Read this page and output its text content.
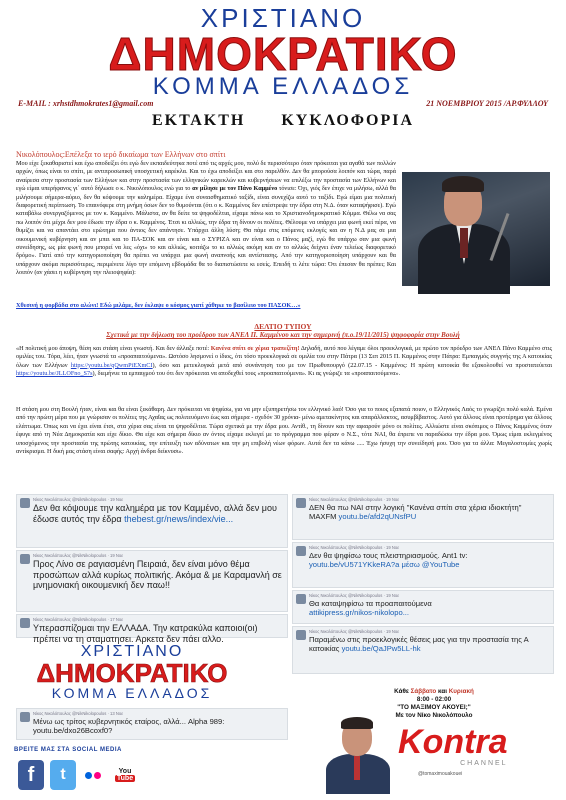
ΧΡΙΣΤΙΑΝΟ
ΔΗΜΟΚΡΑΤΙΚΟ
ΚΟΜΜΑ ΕΛΛΑΔΟΣ
E-MAIL : xrhstdhmokrates1@gmail.com	21 ΝΟΕΜΒΡΙΟΥ 2015 /ΑΡ.ΦΥΛΛΟΥ
ΕΚΤΑΚΤΗ ΚΥΚΛΟΦΟΡΙΑ
Νικολόπουλος:Επέλεξα το ιερό δικαίωμα των Ελλήνων στο σπίτι
Μου είχε ξεκαθαριστεί και έχω αποδείξει ότι εγώ δεν εκπαιδεύτηκα ποτέ από τις αρχές μου, πολύ δε περισσότερο όταν πρόκειται για αγαθά των πολλών αρχών, όπως είναι το σπίτι, με αντιπροσωπική υποσχετική καρέκλα. Και το έχω αποδείξει και στο παρελθόν. Δεν θα μπορούσα λοιπόν και τώρα, παρά αναίρεσα στην προστασία των Ελλήνων και στην προστασία των ελληνικών καρεκλών και κυβερνήσεων να επιλέξω την προστασία των Ελλήνων και εγώ είμαι υπερήφανος γι΄ αυτό δήλωσε ο κ. Νικολόπουλος ενώ για το αν μίλησε με τον Πάνο Καμμένο τόνισε: Όχι, γιός δεν έπιχε να μιλήσω, αλλά θα μιλήσουμε σήμερα-αύριο, δεν θα κόψουμε την καλημέρα. Είχαμε ένα συναισθηματικό ταξίδι, είναι συνεχίζω αυτό το ταξίδι. Εγώ είμαι μια πολιτική διαφορετική περίπτωση. Το επαινόφερε στη μνήμη όσων δεν το θυμούνται (ότι ο κ. Καμμένος δεν επέστρεψε την έδρα στη Ν.Δ. όταν καταψήφισε). Εγώ καταβάλω συνεργαζόμενος με τον κ. Καμμένο. Μάλιστα, αν θα δείτε τα ψηφοδέλτια, είχαμε πάνω και το Χριστιανοδημοκρατικό Κόμμα. Θέλω να σας πω λοιπόν ότι μέχρι δεν μου έδωσε την έδρα ο κ. Καμμένος. Έτσι κι αλλιώς, την έδρα τη δίνουν οι πολίτες. Θέλουμε να υπάρχει μια φωνή εκεί πέρα, να θυμίζει και να απαντάει στο ερώτημα που άντιος δεν απάντησε. Υπάρχει άλλη λύση; Θα πάμε στις επόμενες εκλογές και αν η Ν.Δ μας σε μια οικουμενική κυβέρνηση και αν μπει και το ΠΑ-ΣΟΚ και αν είναι και ο ΣΥΡΙΖΑ και αν είναι και ο Πάνος μαζί, εγώ θα υπάρχω σαν μια φωνή συνείδησης, ως μία φωνή που μπορεί να λες «όχι» το και αλλιώς, κοιτάζω το κι αλλιώς ακόμη και αν το αλλιώς δείχνει έναν τελείως διαφορετικό δρόμο». Γιατί από την κατηγοριοποίηση θα πρέπει να υπάρχει μια φωνή αναπνοής και αντίστασης. Από την κατηγοριοποίηση υπάρχουν και θα υπάρχουν ακόμα περισσότερες, περιμένετε λίγο την επόμενη εβδομάδα θα το διαπιστώσετε κι εσείς. Επειδή τι λέτε τώρα: Ότι έπεσαν θα πρέπει; Και λοιπόν (αν χάσει η κυβέρνηση την πλειοψηφία):
Χθεσινή η φορβάδα στο αλώνι! Εδώ μιλάμε, δεν έκλαψε ο κόσμος γιατί χάθηκε το βασίλειο του ΠΑΣΟΚ…»
ΔΕΛΤΙΟ ΤΥΠΟΥ
Σχετικά με την δήλωση του προέδρου των ΑΝΕΛ Π. Καμμένου και την σημερινή (π.ο.19/11/2015) ψηφοφορία στην Βουλή
«Η πολιτική μου άποψη, θέση και στάση είναι γνωστή. Και δεν άλλαξε ποτέ: Κανένα σπίτι σε χέρια τραπεζίτη! Δηλαδή, αυτό που λέγαμε όλοι προεκλογικά, με πρώτο τον πρόεδρο των ΑΝΕΛ Πάνο Καμμένο στις ομιλίες του. Τόρα, λέει, ήταν γνωστά τα «προαπαιτούμενα». Ωστόσο λησμονεί ο ίδιος, ότι τόσο προεκλογικά σε ομιλία του στην Πάτρα (13 Σεπ 2015 Π. Καμμένος στην Πάτρα: Εμπαιγμός συγγνής της Α κατοικίας όλων των Ελλήνων https://youtu.be/qQwmPiEXmCI), όσο και μετεκλογικά μετά από συνάντηση του με τον Πρωθυπουργό (22.07.15 - Καμμένος: Η πρώτη κατοικία θα εξακολουθεί να προστατεύεται https://youtu.be/JLLOFno_S7s), διεμήνυε τα εμπαιγμού του ότι δεν πρόκειται να αποδεχθεί τους «προαπαιτούμενα». Κι ας γνώριζε τα «προαπαιτούμενα».
Η στάση μου στη Βουλή ήταν, είναι και θα είναι ξεκάθαρη. Δεν πρόκειται να ψηφίσω, για να μην εξυπηρετήσω τον ελληνικό λαό! Όσο για το ποιος εξαπατά ποιον, ο Ελληνικός Λαός το γνωρίζει πολύ καλά. Εμένα από την πρώτη μέρα που με γνώρισαν οι πολίτες της Αχαΐας ως πολιτευόμενο έως και σήμερα - σχεδόν 30 χρόνια- μένω αμετακίνητος και απαράλλακτος, ασυμβίβαστος. Αυτό για άλλους είναι προτέρημα για άλλους ελάττωμα. Όπως και να έχει είναι έτσι, στα χέρια σας είναι τα ψηφοδέλτια. Τώρα σχετικά με την έδρα μου. Αντίθ., τη δίνουν και την αφαιρούν μόνο οι πολίτες. Αλλιώστε είναι σκόπιμος ο Πάνος Καμμένος όταν έφυγε από τη Νέα Δημοκρατία και είχε δίκιο. Θα είχε και σήμερα δίκιο αν όντος είχαμε εκλεγεί με το πρόγραμμα που φέραν ο Ν.Σ., τότε ΝΑΙ, θα έπρεπε να παραδώσω την έδρα μου. Όμως είμαι εκλεγμένος υποσχόμενος την προστασία της πρώτης κατοικίας, την επίτευξη των αδύνατων και την μη επιβολή νέων φόρων. Αυτά δεν τα κάνω ..... Έχω ήσυχη την συνείδησή μου. Όσο για τα άλλα: Μεγαλοστομίες χωρίς αντίκρισμα. Η δική μας στάση είναι σαφής: Αρχή άνδρα δείκνυσι».
Νίκος Νικολόπουλος @NikNikolopoulos · 19 Νοε
Δεν θα κόψουμε την καλημέρα με τον Καμμένο, αλλά δεν μου έδωσε αυτός την έδρα thebest.gr/news/index/vie...
Νίκος Νικολόπουλος @NikNikolopoulos · 19 Νοε
Προς Λίνο σε ραγιασμένη Πειραιά, δεν είναι μόνο θέμα προσώπων αλλά κυρίως πολιτικής. Ακόμα & με Καραμανλή σε μνημονιακή οικουμενική δεν παω!!
Νίκος Νικολόπουλος @NikNikolopoulos · 17 Νοε
Υπερασπίζομαι την ΕΛΛΑΔΑ. Την κατρακύλα καποιοι(οι) πρέπει να τη σταματησει. Αρκετα δεν πάει αλλο.
ΧΡΙΣΤΙΑΝΟ
ΔΗΜΟΚΡΑΤΙΚΟ
ΚΟΜΜΑ ΕΛΛΑΔΟΣ
Νίκος Νικολόπουλος @NikNikolopoulos · 13 Νοε
Μένω ως τρίτος κυβερνητικός εταίρος, αλλά... Alpha 989: youtu.be/dxo26Bcoxf0?
Νίκος Νικολόπουλος @NikNikolopoulos · 19 Νοε
ΔΕΝ θα πω ΝΑΙ στην λογική "Κανένα σπίτι στα χέρια ιδιοκτήτη" MAXFM youtu.be/afd2qUNsfPU
Νίκος Νικολόπουλος @NikNikolopoulos · 19 Νοε
Δεν θα ψηφίσω τους πλειστηριασμούς. Ant1 tv: youtu.be/vU571YKkeRA?a μέσω @YouTube
Νίκος Νικολόπουλος @NikNikolopoulos · 19 Νοε
Θα καταψηφίσω τα προαπαιτούμενα
attikipress.gr/nikos-nikolopo...
Νίκος Νικολόπουλος @NikNikolopoulos · 19 Νοε
Παραμένω στις προεκλογικές θέσεις μας για την προστασία της Α κατοικίας youtu.be/QaJPw5LL-hk
Κάθε Σάββατο και Κυριακή
8:00 - 02:00
"ΤΟ ΜΑΞΙΜΟΥ ΑΚΟΥΕΙ;"
Με τον Νίκο Νικολόπουλο
Kontra
CHANNEL
@tomaximouakouei
ΒΡΕΙΤΕ ΜΑΣ ΣΤΑ SOCIAL MEDIA
f	t	You
Tube
